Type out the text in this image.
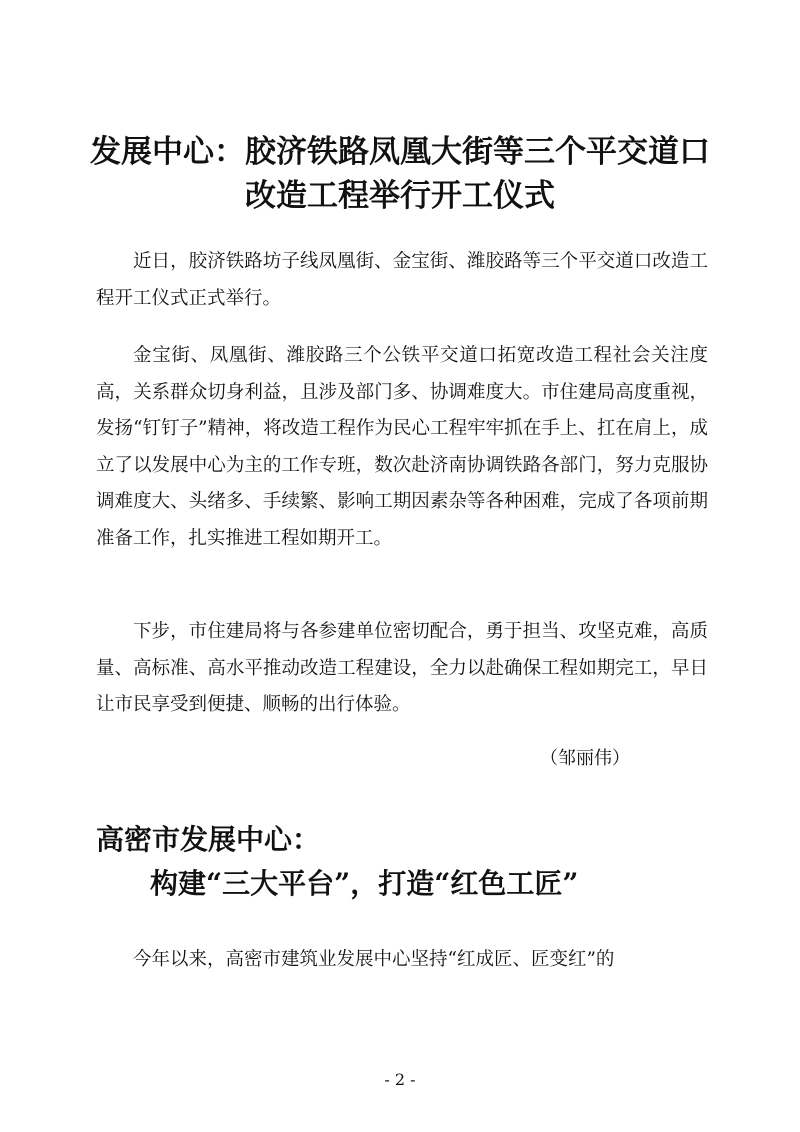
发展中心：胶济铁路凤凰大街等三个平交道口
改造工程举行开工仪式

近日，胶济铁路坊子线凤凰街、金宝街、潍胶路等三个平交道口改造工程开工仪式正式举行。

金宝街、凤凰街、潍胶路三个公铁平交道口拓宽改造工程社会关注度高，关系群众切身利益，且涉及部门多、协调难度大。市住建局高度重视，发扬“钉钉子”精神，将改造工程作为民心工程牢牢抓在手上、扛在肩上，成立了以发展中心为主的工作专班，数次赴济南协调铁路各部门，努力克服协调难度大、头绪多、手续繁、影响工期因素杂等各种困难，完成了各项前期准备工作，扎实推进工程如期开工。

下步，市住建局将与各参建单位密切配合，勇于担当、攻坚克难，高质量、高标准、高水平推动改造工程建设，全力以赴确保工程如期完工，早日让市民享受到便捷、顺畅的出行体验。

（邹丽伟）
高密市发展中心：
构建“三大平台”，打造“红色工匠”

今年以来，高密市建筑业发展中心坚持“红成匠、匠变红”的

- 2 -
